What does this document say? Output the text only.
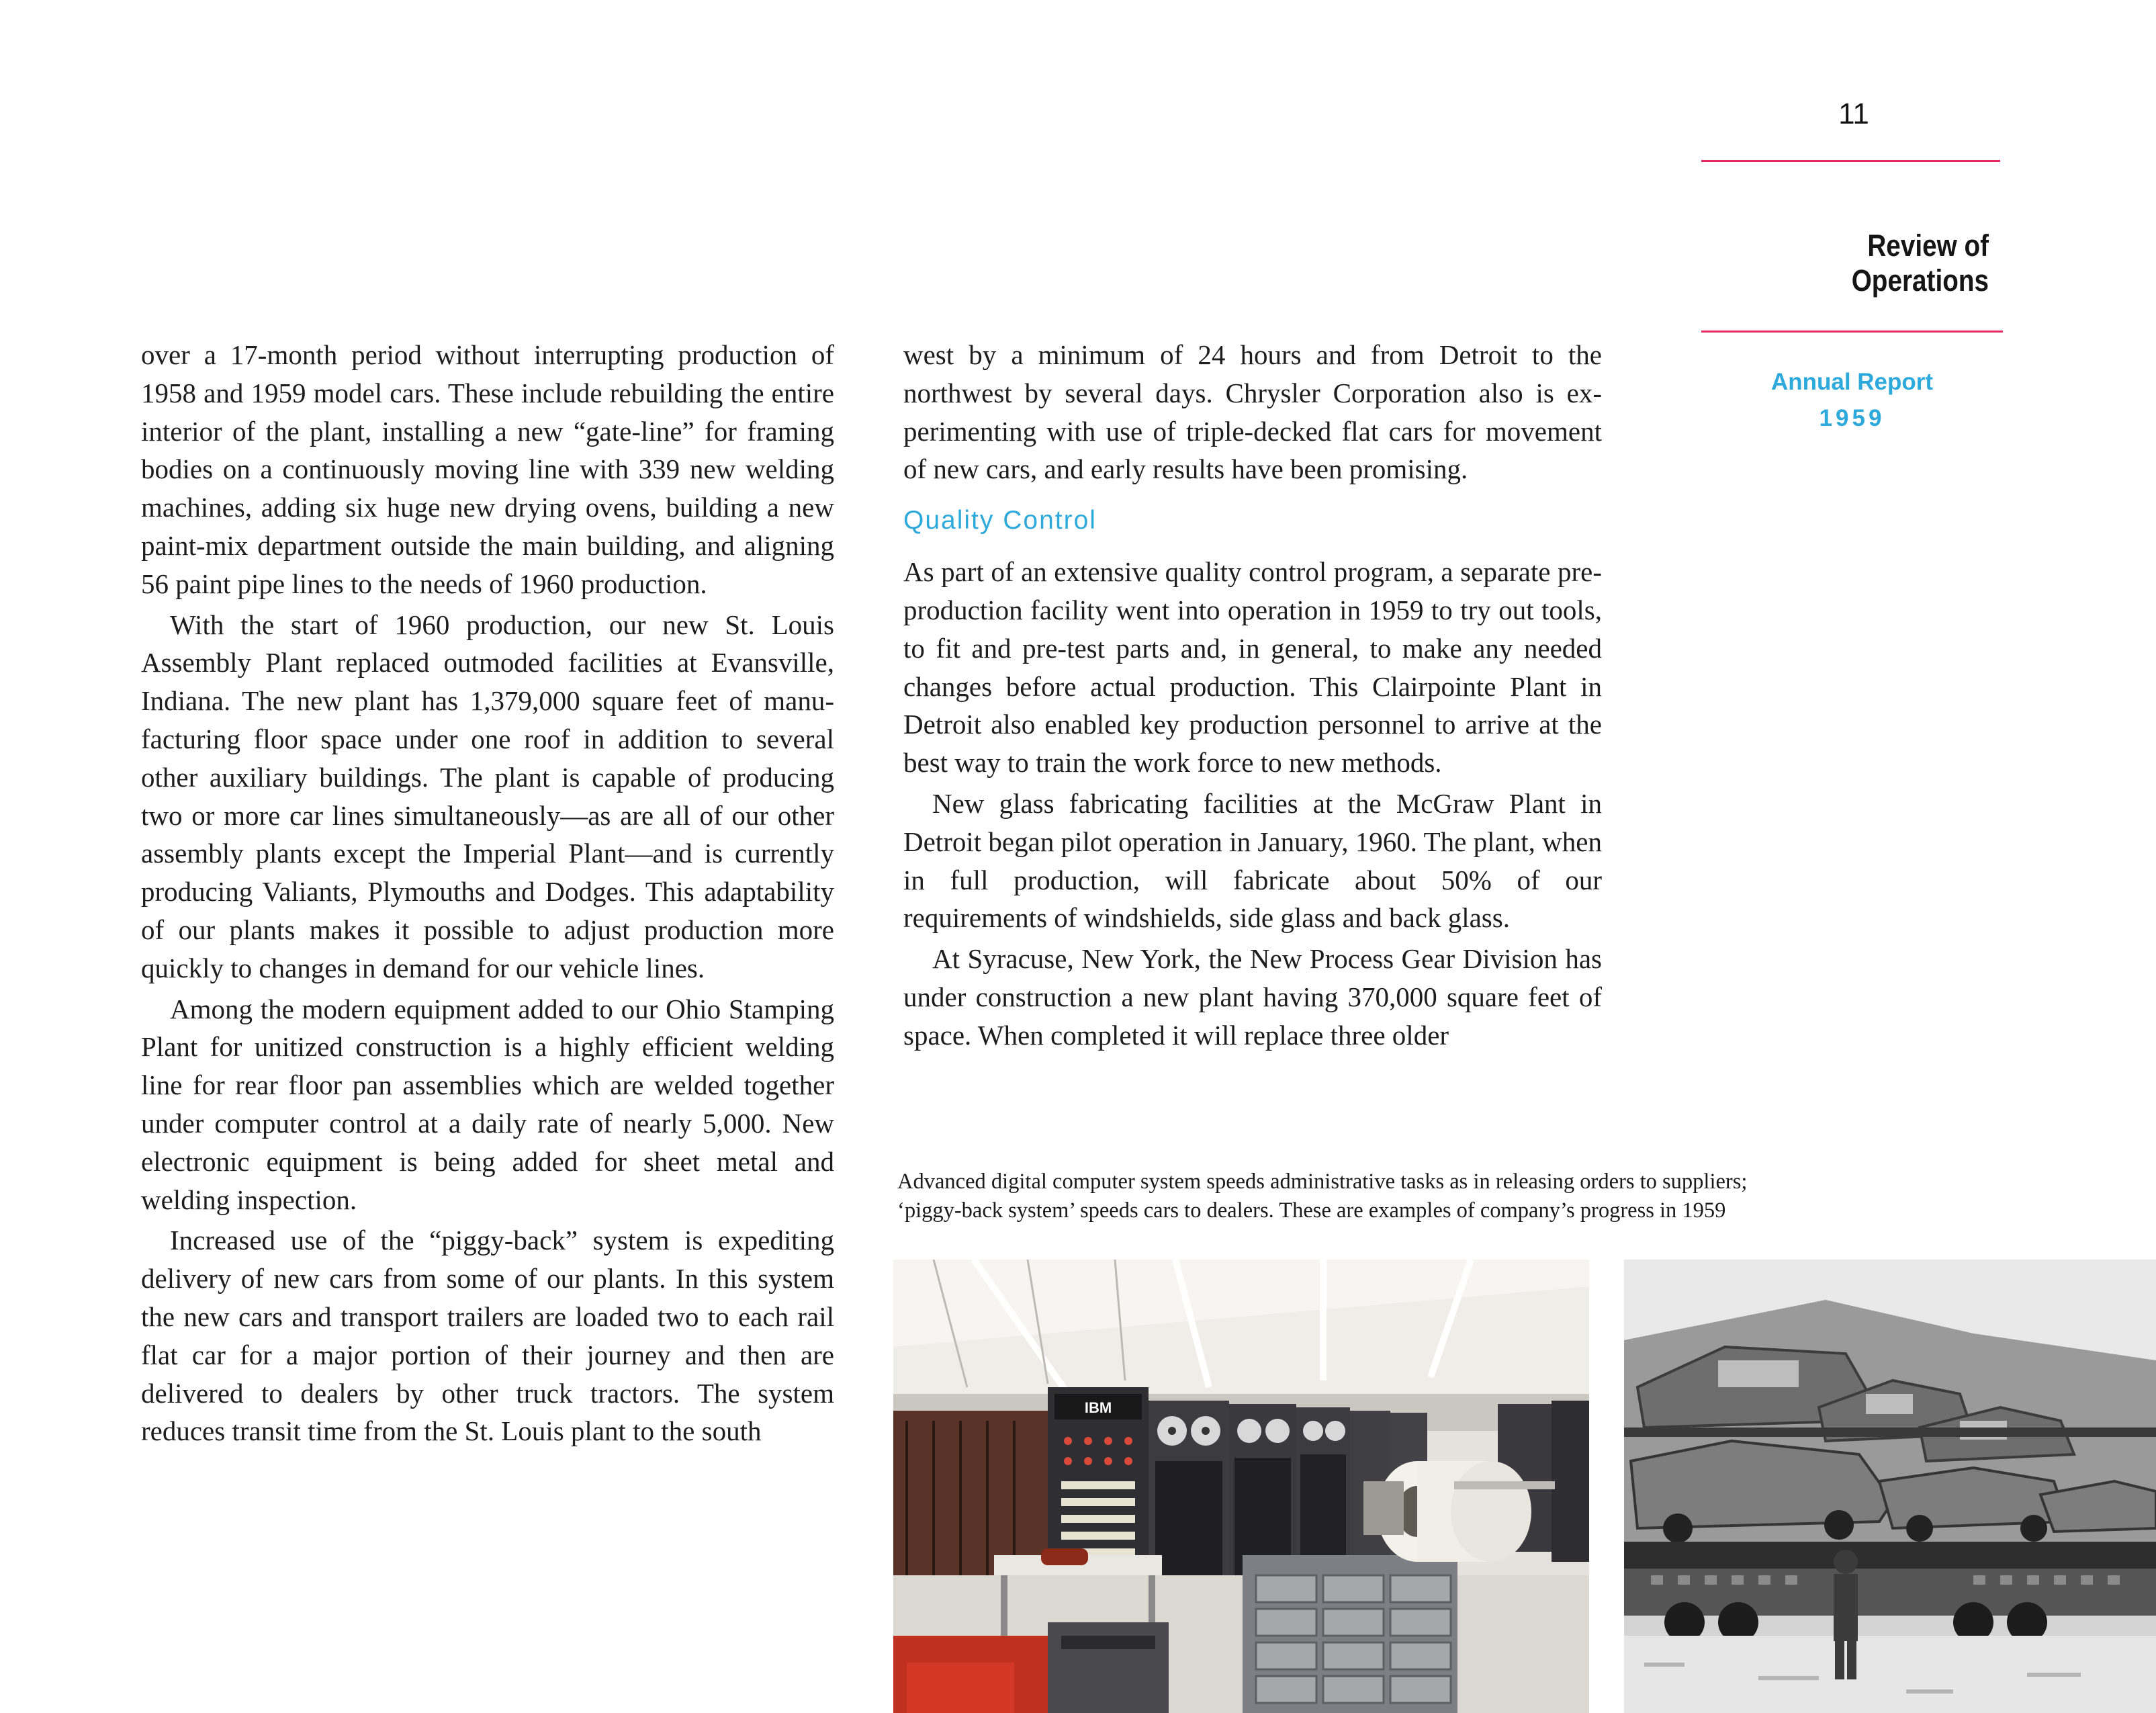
11
Review of Operations
Annual Report
1959

over a 17-month period without interrupting production of 1958 and 1959 model cars. These include rebuilding the entire interior of the plant, installing a new “gate-line” for framing bodies on a continuously moving line with 339 new welding machines, adding six huge new drying ovens, building a new paint-mix department outside the main building, and aligning 56 paint pipe lines to the needs of 1960 production.

With the start of 1960 production, our new St. Louis Assembly Plant replaced outmoded facilities at Evansville, Indiana. The new plant has 1,379,000 square feet of manufacturing floor space under one roof in addition to several other auxiliary buildings. The plant is capable of producing two or more car lines simultaneously—as are all of our other assembly plants except the Imperial Plant—and is currently producing Valiants, Plymouths and Dodges. This adaptability of our plants makes it possible to adjust production more quickly to changes in demand for our vehicle lines.

Among the modern equipment added to our Ohio Stamping Plant for unitized construction is a highly efficient welding line for rear floor pan assemblies which are welded together under computer control at a daily rate of nearly 5,000. New electronic equipment is being added for sheet metal and welding inspection.

Increased use of the “piggy-back” system is expediting delivery of new cars from some of our plants. In this system the new cars and transport trailers are loaded two to each rail flat car for a major portion of their journey and then are delivered to dealers by other truck tractors. The system reduces transit time from the St. Louis plant to the south

west by a minimum of 24 hours and from Detroit to the northwest by several days. Chrysler Corporation also is experimenting with use of triple-decked flat cars for movement of new cars, and early results have been promising.

Quality Control

As part of an extensive quality control program, a separate pre-production facility went into operation in 1959 to try out tools, to fit and pre-test parts and, in general, to make any needed changes before actual production. This Clairpointe Plant in Detroit also enabled key production personnel to arrive at the best way to train the work force to new methods.

New glass fabricating facilities at the McGraw Plant in Detroit began pilot operation in January, 1960. The plant, when in full production, will fabricate about 50% of our requirements of windshields, side glass and back glass.

At Syracuse, New York, the New Process Gear Division has under construction a new plant having 370,000 square feet of space. When completed it will replace three older

Advanced digital computer system speeds administrative tasks as in releasing orders to suppliers;
‘piggy-back system’ speeds cars to dealers. These are examples of company’s progress in 1959
IBM
